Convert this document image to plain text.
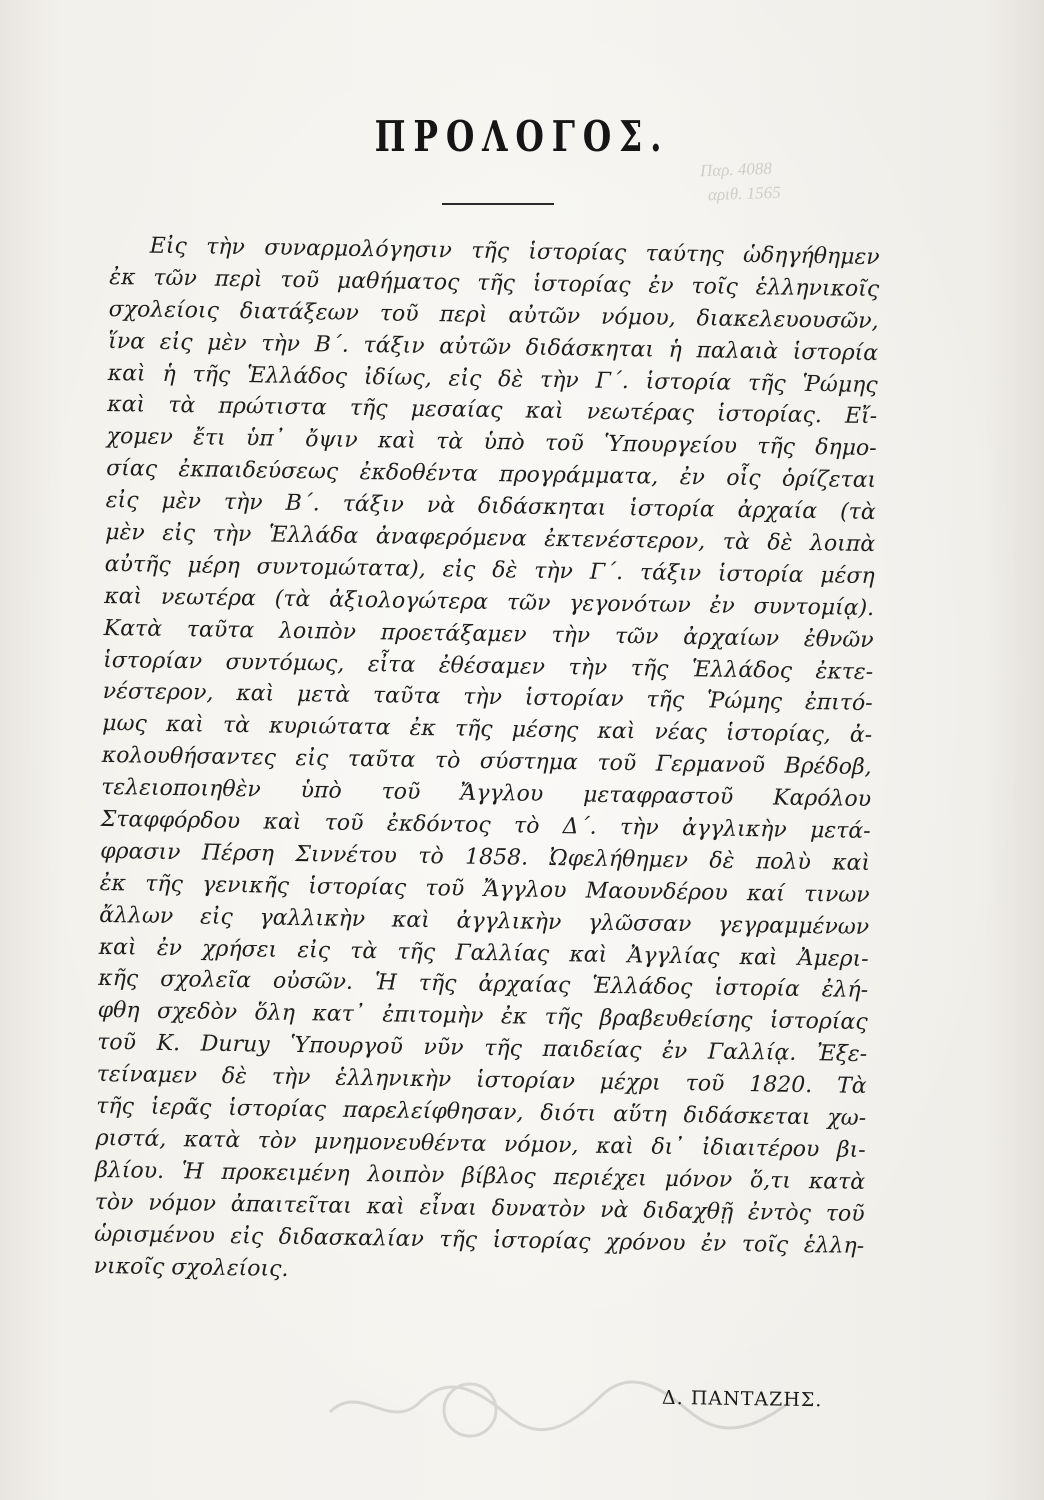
Παρ. 4088
αριθ. 1565
ΠΡΟΛΟΓΟΣ.
Εἰς τὴν συναρμολόγησιν τῆς ἱστορίας ταύτης ὡδηγήθημεν
ἐκ τῶν περὶ τοῦ μαθήματος τῆς ἱστορίας ἐν τοῖς ἑλληνικοῖς
σχολείοις διατάξεων τοῦ περὶ αὐτῶν νόμου, διακελευουσῶν,
ἵνα εἰς μὲν τὴν Β΄. τάξιν αὐτῶν διδάσκηται ἡ παλαιὰ ἱστορία
καὶ ἡ τῆς Ἑλλάδος ἰδίως, εἰς δὲ τὴν Γ΄. ἱστορία τῆς Ῥώμης
καὶ τὰ πρώτιστα τῆς μεσαίας καὶ νεωτέρας ἱστορίας. Εἴ-
χομεν ἔτι ὑπ᾽ ὄψιν καὶ τὰ ὑπὸ τοῦ Ὑπουργείου τῆς δημο-
σίας ἐκπαιδεύσεως ἐκδοθέντα προγράμματα, ἐν οἷς ὁρίζεται
εἰς μὲν τὴν Β΄. τάξιν νὰ διδάσκηται ἱστορία ἀρχαία (τὰ
μὲν εἰς τὴν Ἑλλάδα ἀναφερόμενα ἐκτενέστερον, τὰ δὲ λοιπὰ
αὐτῆς μέρη συντομώτατα), εἰς δὲ τὴν Γ΄. τάξιν ἱστορία μέση
καὶ νεωτέρα (τὰ ἀξιολογώτερα τῶν γεγονότων ἐν συντομίᾳ).
Κατὰ ταῦτα λοιπὸν προετάξαμεν τὴν τῶν ἀρχαίων ἐθνῶν
ἱστορίαν συντόμως, εἶτα ἐθέσαμεν τὴν τῆς Ἑλλάδος ἐκτε-
νέστερον, καὶ μετὰ ταῦτα τὴν ἱστορίαν τῆς Ῥώμης ἐπιτό-
μως καὶ τὰ κυριώτατα ἐκ τῆς μέσης καὶ νέας ἱστορίας, ἀ-
κολουθήσαντες εἰς ταῦτα τὸ σύστημα τοῦ Γερμανοῦ Βρέδοβ,
τελειοποιηθὲν ὑπὸ τοῦ Ἄγγλου μεταφραστοῦ Καρόλου
Σταφφόρδου καὶ τοῦ ἐκδόντος τὸ Δ΄. τὴν ἀγγλικὴν μετά-
φρασιν Πέρση Σιννέτου τὸ 1858. Ὠφελήθημεν δὲ πολὺ καὶ
ἐκ τῆς γενικῆς ἱστορίας τοῦ Ἄγγλου Μαουνδέρου καί τινων
ἄλλων εἰς γαλλικὴν καὶ ἀγγλικὴν γλῶσσαν γεγραμμένων
καὶ ἐν χρήσει εἰς τὰ τῆς Γαλλίας καὶ Ἀγγλίας καὶ Ἀμερι-
κῆς σχολεῖα οὐσῶν. Ἡ τῆς ἀρχαίας Ἑλλάδος ἱστορία ἐλή-
φθη σχεδὸν ὅλη κατ᾽ ἐπιτομὴν ἐκ τῆς βραβευθείσης ἱστορίας
τοῦ Κ. Duruy Ὑπουργοῦ νῦν τῆς παιδείας ἐν Γαλλίᾳ. Ἐξε-
τείναμεν δὲ τὴν ἑλληνικὴν ἱστορίαν μέχρι τοῦ 1820. Τὰ
τῆς ἱερᾶς ἱστορίας παρελείφθησαν, διότι αὕτη διδάσκεται χω-
ριστά, κατὰ τὸν μνημονευθέντα νόμον, καὶ δι᾽ ἰδιαιτέρου βι-
βλίου. Ἡ προκειμένη λοιπὸν βίβλος περιέχει μόνον ὅ,τι κατὰ
τὸν νόμον ἀπαιτεῖται καὶ εἶναι δυνατὸν νὰ διδαχθῇ ἐντὸς τοῦ
ὡρισμένου εἰς διδασκαλίαν τῆς ἱστορίας χρόνου ἐν τοῖς ἑλλη-
νικοῖς σχολείοις.
Δ. ΠΑΝΤΑΖΗΣ.
